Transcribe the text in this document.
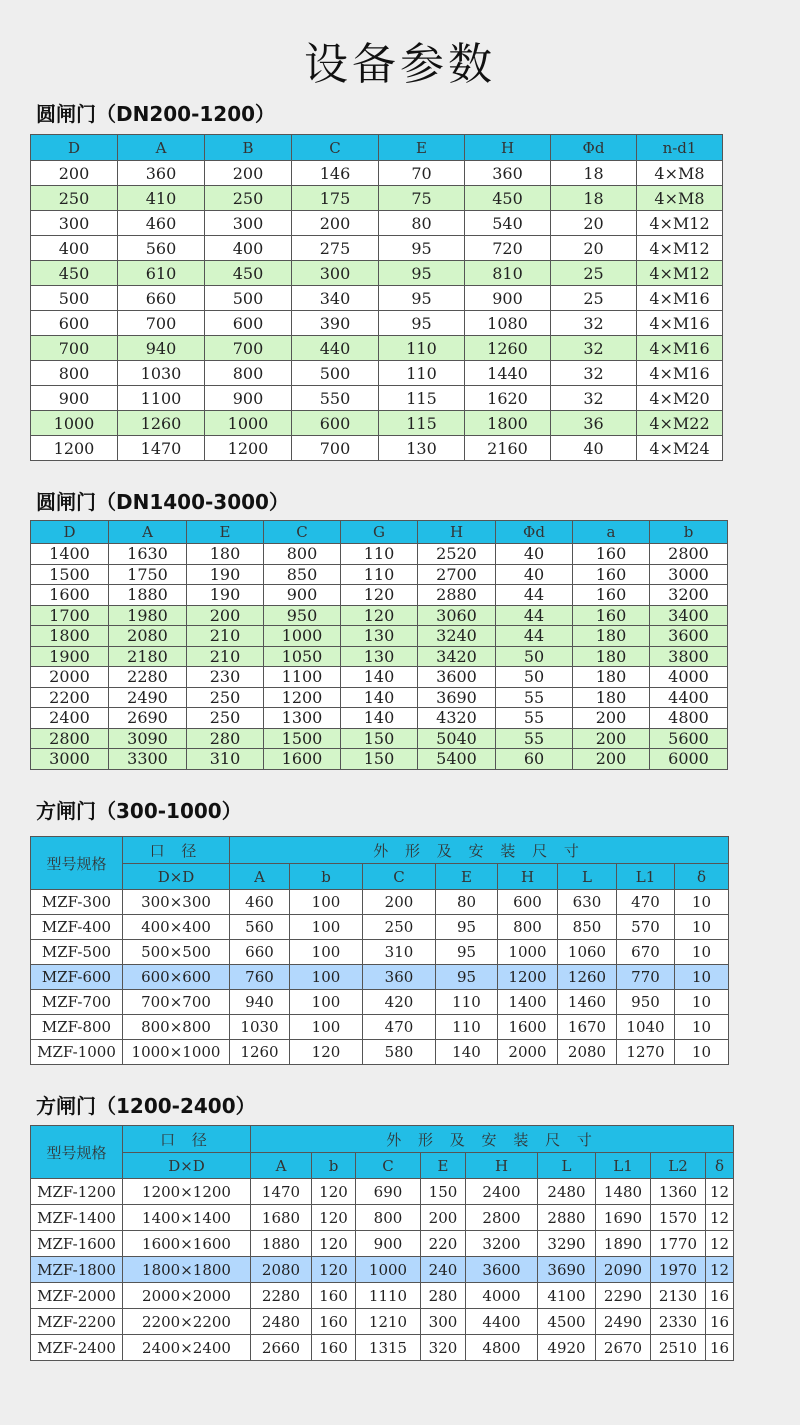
设备参数
圆闸门（DN200-1200）
D	A	B	C	E	H	Φd	n-d1
200	360	200	146	70	360	18	4×M8
250	410	250	175	75	450	18	4×M8
300	460	300	200	80	540	20	4×M12
400	560	400	275	95	720	20	4×M12
450	610	450	300	95	810	25	4×M12
500	660	500	340	95	900	25	4×M16
600	700	600	390	95	1080	32	4×M16
700	940	700	440	110	1260	32	4×M16
800	1030	800	500	110	1440	32	4×M16
900	1100	900	550	115	1620	32	4×M20
1000	1260	1000	600	115	1800	36	4×M22
1200	1470	1200	700	130	2160	40	4×M24
圆闸门（DN1400-3000）
D	A	E	C	G	H	Φd	a	b
1400	1630	180	800	110	2520	40	160	2800
1500	1750	190	850	110	2700	40	160	3000
1600	1880	190	900	120	2880	44	160	3200
1700	1980	200	950	120	3060	44	160	3400
1800	2080	210	1000	130	3240	44	180	3600
1900	2180	210	1050	130	3420	50	180	3800
2000	2280	230	1100	140	3600	50	180	4000
2200	2490	250	1200	140	3690	55	180	4400
2400	2690	250	1300	140	4320	55	200	4800
2800	3090	280	1500	150	5040	55	200	5600
3000	3300	310	1600	150	5400	60	200	6000
方闸门（300-1000）
型号规格	口 径	外 形 及 安 装 尺 寸							
	D×D	A	b	C	E	H	L	L1	δ
MZF-300	300×300	460	100	200	80	600	630	470	10
MZF-400	400×400	560	100	250	95	800	850	570	10
MZF-500	500×500	660	100	310	95	1000	1060	670	10
MZF-600	600×600	760	100	360	95	1200	1260	770	10
MZF-700	700×700	940	100	420	110	1400	1460	950	10
MZF-800	800×800	1030	100	470	110	1600	1670	1040	10
MZF-1000	1000×1000	1260	120	580	140	2000	2080	1270	10
方闸门（1200-2400）
型号规格	口 径	外 形 及 安 装 尺 寸								
	D×D	A	b	C	E	H	L	L1	L2	δ
MZF-1200	1200×1200	1470	120	690	150	2400	2480	1480	1360	12
MZF-1400	1400×1400	1680	120	800	200	2800	2880	1690	1570	12
MZF-1600	1600×1600	1880	120	900	220	3200	3290	1890	1770	12
MZF-1800	1800×1800	2080	120	1000	240	3600	3690	2090	1970	12
MZF-2000	2000×2000	2280	160	1110	280	4000	4100	2290	2130	16
MZF-2200	2200×2200	2480	160	1210	300	4400	4500	2490	2330	16
MZF-2400	2400×2400	2660	160	1315	320	4800	4920	2670	2510	16
